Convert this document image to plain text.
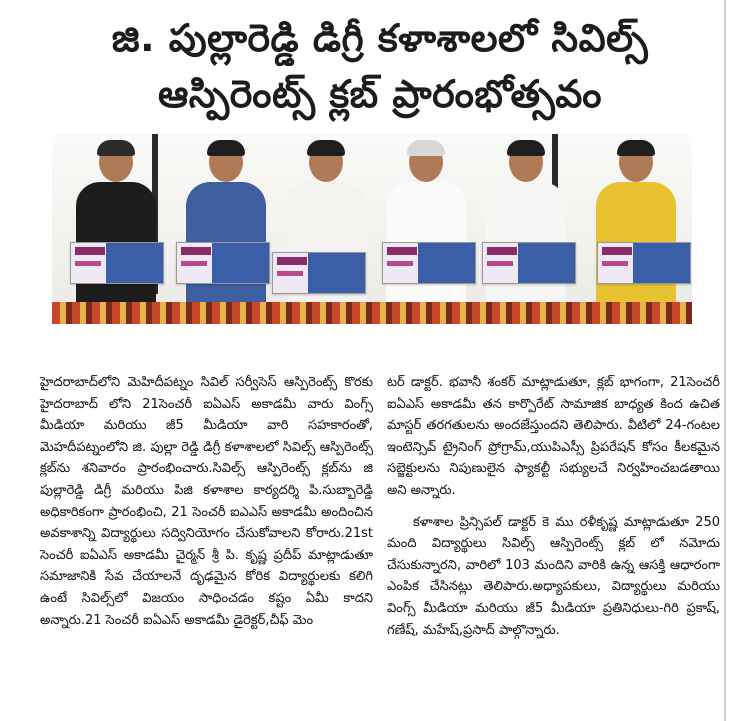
జి. పుల్లారెడ్డి డిగ్రీ కళాశాలలో సివిల్స్
ఆస్పిరెంట్స్ క్లబ్ ప్రారంభోత్సవం

హైదరాబాద్‌లోని మెహిదీపట్నం సివిల్ సర్వీసెస్ ఆస్పిరెంట్స్ కొరకు హైదరాబాద్ లోని 21సెంచరీ ఐఏఎస్ అకాడమీ వారు వింగ్స్ మీడియా మరియు జీ5 మీడియా వారి సహకారంతో, మెహదీపట్నంలోని జి. పుల్లా రెడ్డి డిగ్రీ కళాశాలలో సివిల్స్ ఆస్పిరెంట్స్ క్లబ్‌ను శనివారం ప్రారంభించారు.సివిల్స్ ఆస్పిరెంట్స్ క్లబ్‌ను జి పుల్లారెడ్డి డిగ్రీ మరియు పిజి కళాశాల కార్యదర్శి పి.సుబ్బారెడ్డి అధికారికంగా ప్రారంభించి, 21 సెంచరీ ఐఎఎస్ అకాడమీ అందించిన అవకాశాన్ని విద్యార్థులు సద్వినియోగం చేసుకోవాలని కోరారు.21st సెంచరీ ఐఏఎస్ అకాడమీ చైర్మన్ శ్రీ పి. కృష్ణ ప్రదీప్ మాట్లాడుతూ సమాజానికి సేవ చేయాలనే దృఢమైన కోరిక విద్యార్థులకు కలిగి ఉంటే సివిల్స్‌లో విజయం సాధించడం కష్టం ఏమీ కాదని అన్నారు.21 సెంచరీ ఐఏఎస్ అకాడమీ డైరెక్టర్,చీఫ్ మెం

టర్ డాక్టర్. భవానీ శంకర్ మాట్లాడుతూ, క్లబ్ భాగంగా, 21సెంచరీ ఐఏఎస్ అకాడమీ తన కార్పొరేట్ సామాజిక బాధ్యత కింద ఉచిత మాస్టర్ తరగతులను అందజేస్తుందని తెలిపారు. వీటిలో 24-గంటల ఇంటెన్సివ్ ట్రైనింగ్ ప్రోగ్రామ్,యుపిఎస్సీ ప్రిపరేషన్ కోసం కీలకమైన సబ్జెక్టులను నిపుణులైన ఫ్యాకల్టీ సభ్యులచే నిర్వహించబడతాయి అని అన్నారు.

కళాశాల ప్రిన్సిపల్ డాక్టర్ కె ము రళీకృష్ణ మాట్లాడుతూ 250 మంది విద్యార్థులు సివిల్స్ ఆస్పిరెంట్స్ క్లబ్ లో నమోదు చేసుకున్నారని, వారిలో 103 మందిని వారికి ఉన్న ఆసక్తి ఆధారంగా ఎంపిక చేసినట్లు తెలిపారు.అధ్యాపకులు, విద్యార్థులు మరియు వింగ్స్ మీడియా మరియు జీ5 మీడియా ప్రతినిధులు-గిరి ప్రకాష్, గణేష్, మహేష్,ప్రసాద్ పాల్గొన్నారు.
